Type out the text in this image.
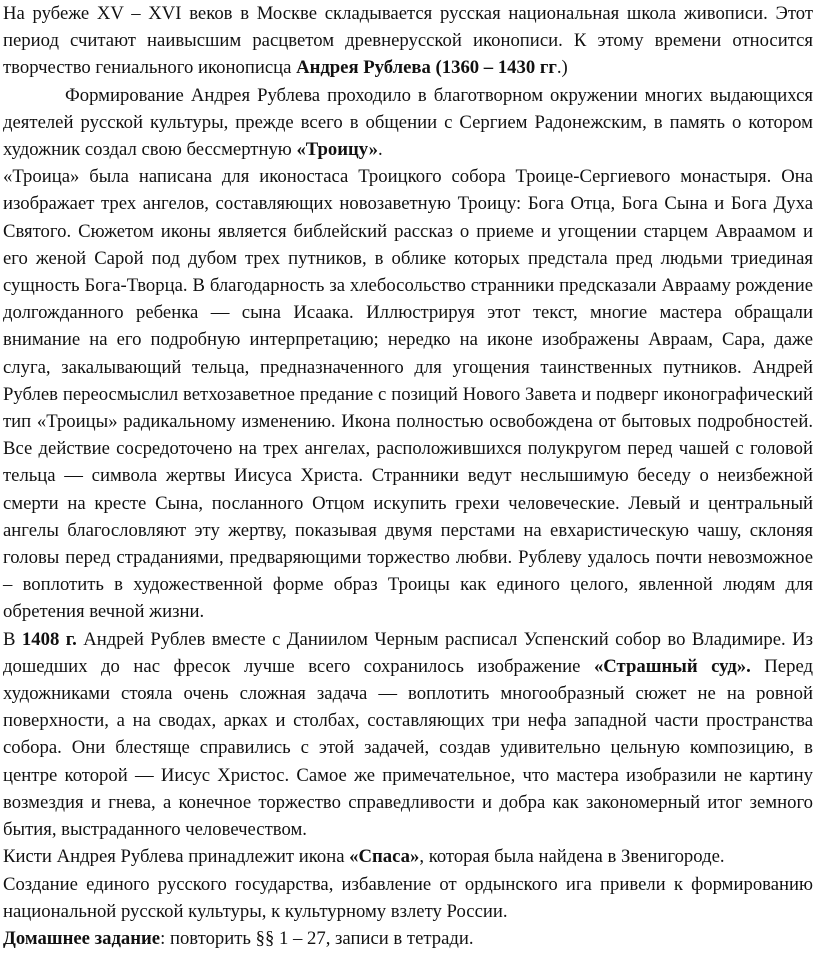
На рубеже XV – XVI веков в Москве складывается русская национальная школа живописи. Этот период считают наивысшим расцветом древнерусской иконописи. К этому времени относится творчество гениального иконописца Андрея Рублева (1360 – 1430 гг.)

Формирование Андрея Рублева проходило в благотворном окружении многих выдающихся деятелей русской культуры, прежде всего в общении с Сергием Радонежским, в память о котором художник создал свою бессмертную «Троицу».

«Троица» была написана для иконостаса Троицкого собора Троице-Сергиевого монастыря. Она изображает трех ангелов, составляющих новозаветную Троицу: Бога Отца, Бога Сына и Бога Духа Святого. Сюжетом иконы является библейский рассказ о приеме и угощении старцем Авраамом и его женой Сарой под дубом трех путников, в облике которых предстала пред людьми триединая сущность Бога-Творца. В благодарность за хлебосольство странники предсказали Аврааму рождение долгожданного ребенка — сына Исаака. Иллюстрируя этот текст, многие мастера обращали внимание на его подробную интерпретацию; нередко на иконе изображены Авраам, Сара, даже слуга, закалывающий тельца, предназначенного для угощения таинственных путников. Андрей Рублев переосмыслил ветхозаветное предание с позиций Нового Завета и подверг иконографический тип «Троицы» радикальному изменению. Икона полностью освобождена от бытовых подробностей. Все действие сосредоточено на трех ангелах, расположившихся полукругом перед чашей с головой тельца — символа жертвы Иисуса Христа. Странники ведут неслышимую беседу о неизбежной смерти на кресте Сына, посланного Отцом искупить грехи человеческие. Левый и центральный ангелы благословляют эту жертву, показывая двумя перстами на евхаристическую чашу, склоняя головы перед страданиями, предваряющими торжество любви. Рублеву удалось почти невозможное – воплотить в художественной форме образ Троицы как единого целого, явленной людям для обретения вечной жизни.

В 1408 г. Андрей Рублев вместе с Даниилом Черным расписал Успенский собор во Владимире. Из дошедших до нас фресок лучше всего сохранилось изображение «Страшный суд». Перед художниками стояла очень сложная задача — воплотить многообразный сюжет не на ровной поверхности, а на сводах, арках и столбах, составляющих три нефа западной части пространства собора. Они блестяще справились с этой задачей, создав удивительно цельную композицию, в центре которой — Иисус Христос. Самое же примечательное, что мастера изобразили не картину возмездия и гнева, а конечное торжество справедливости и добра как закономерный итог земного бытия, выстраданного человечеством.

Кисти Андрея Рублева принадлежит икона «Спаса», которая была найдена в Звенигороде.

Создание единого русского государства, избавление от ордынского ига привели к формированию национальной русской культуры, к культурному взлету России.

Домашнее задание: повторить §§ 1 – 27, записи в тетради.
